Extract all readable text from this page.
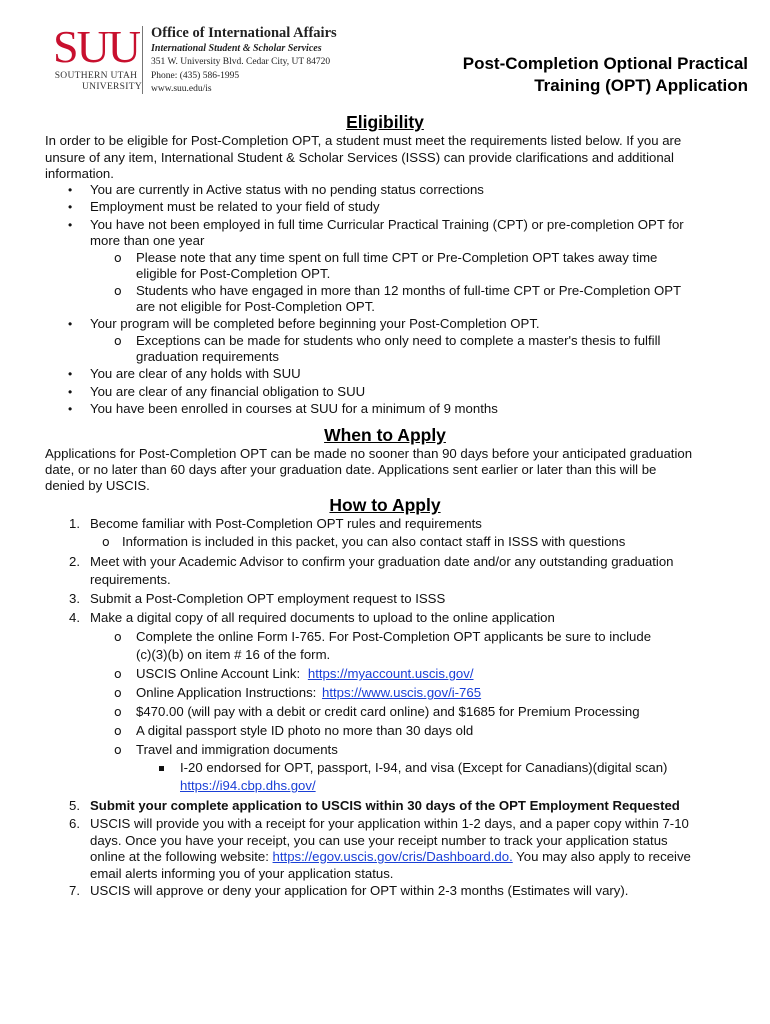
SUU
SOUTHERN UTAH
UNIVERSITY
Office of International Affairs
International Student & Scholar Services
351 W. University Blvd. Cedar City, UT 84720
Phone: (435) 586-1995
www.suu.edu/is
Post-Completion Optional Practical
Training (OPT) Application
Eligibility
In order to be eligible for Post-Completion OPT, a student must meet the requirements listed below. If you are
unsure of any item, International Student & Scholar Services (ISSS) can provide clarifications and additional
information.
• You are currently in Active status with no pending status corrections
• Employment must be related to your field of study
• You have not been employed in full time Curricular Practical Training (CPT) or pre-completion OPT for
more than one year
o Please note that any time spent on full time CPT or Pre-Completion OPT takes away time
eligible for Post-Completion OPT.
o Students who have engaged in more than 12 months of full-time CPT or Pre-Completion OPT
are not eligible for Post-Completion OPT.
• Your program will be completed before beginning your Post-Completion OPT.
o Exceptions can be made for students who only need to complete a master's thesis to fulfill
graduation requirements
• You are clear of any holds with SUU
• You are clear of any financial obligation to SUU
• You have been enrolled in courses at SUU for a minimum of 9 months
When to Apply
Applications for Post-Completion OPT can be made no sooner than 90 days before your anticipated graduation
date, or no later than 60 days after your graduation date. Applications sent earlier or later than this will be
denied by USCIS.
How to Apply
1. Become familiar with Post-Completion OPT rules and requirements
o Information is included in this packet, you can also contact staff in ISSS with questions
2. Meet with your Academic Advisor to confirm your graduation date and/or any outstanding graduation
requirements.
3. Submit a Post-Completion OPT employment request to ISSS
4. Make a digital copy of all required documents to upload to the online application
o Complete the online Form I-765. For Post-Completion OPT applicants be sure to include
(c)(3)(b) on item # 16 of the form.
o USCIS Online Account Link: https://myaccount.uscis.gov/
o Online Application Instructions: https://www.uscis.gov/i-765
o $470.00 (will pay with a debit or credit card online) and $1685 for Premium Processing
o A digital passport style ID photo no more than 30 days old
o Travel and immigration documents
I-20 endorsed for OPT, passport, I-94, and visa (Except for Canadians)(digital scan)
https://i94.cbp.dhs.gov/
5. Submit your complete application to USCIS within 30 days of the OPT Employment Requested
6. USCIS will provide you with a receipt for your application within 1-2 days, and a paper copy within 7-10
days. Once you have your receipt, you can use your receipt number to track your application status
online at the following website: https://egov.uscis.gov/cris/Dashboard.do. You may also apply to receive
email alerts informing you of your application status.
7. USCIS will approve or deny your application for OPT within 2-3 months (Estimates will vary).
